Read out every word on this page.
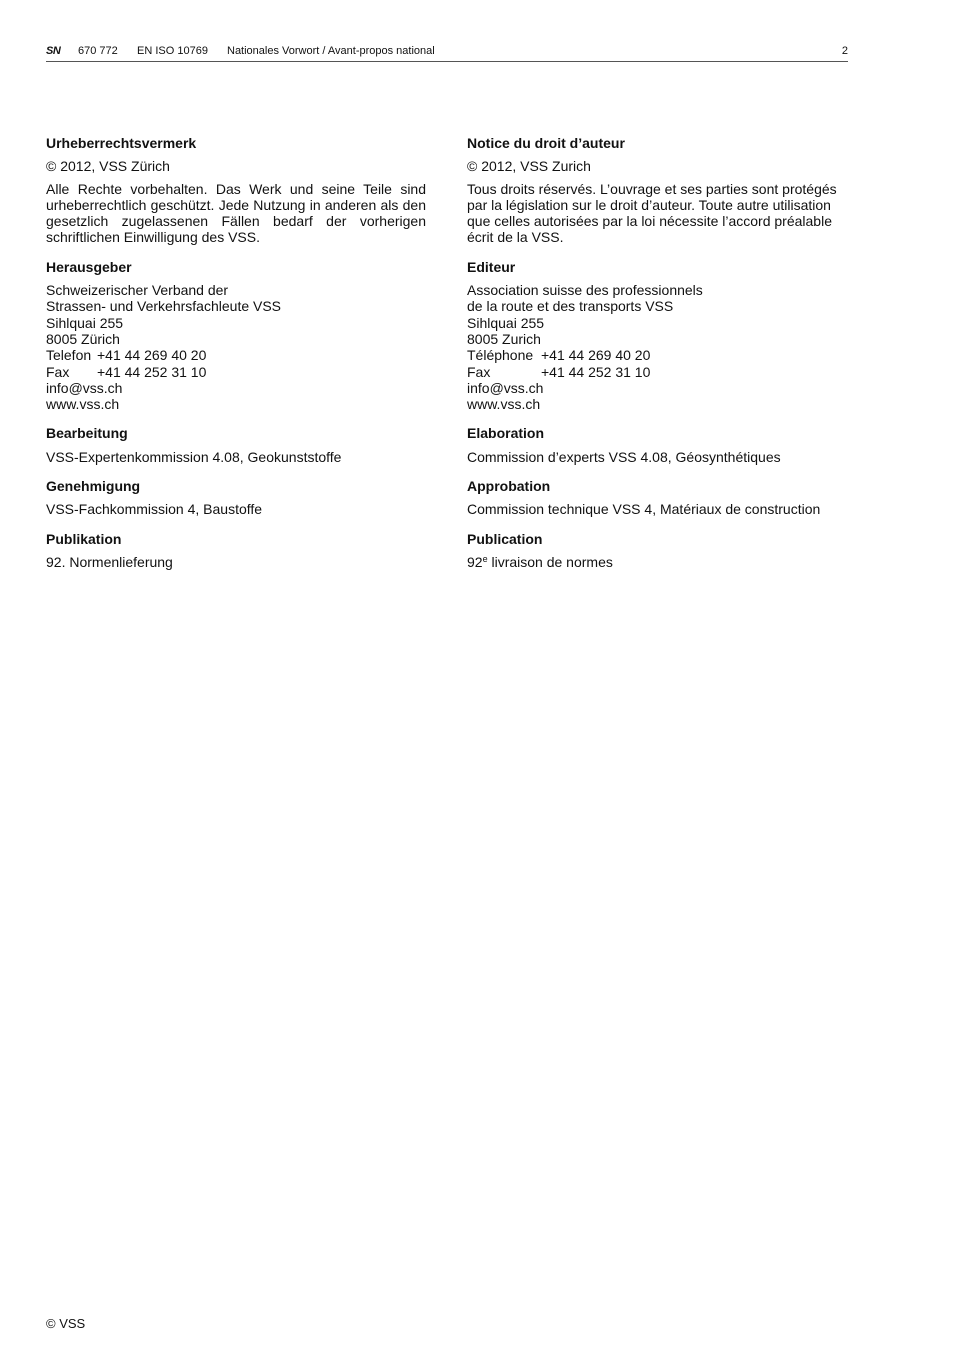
SN 670 772 EN ISO 10769 Nationales Vorwort / Avant-propos national	2
Urheberrechtsvermerk

© 2012, VSS Zürich

Alle Rechte vorbehalten. Das Werk und seine Teile sind urheberrechtlich geschützt. Jede Nutzung in anderen als den gesetzlich zugelassenen Fällen bedarf der vorherigen schriftlichen Einwilligung des VSS.

Herausgeber

Schweizerischer Verband der
Strassen- und Verkehrsfachleute VSS
Sihlquai 255
8005 Zürich
Telefon +41 44 269 40 20
Fax +41 44 252 31 10
info@vss.ch
www.vss.ch

Bearbeitung

VSS-Expertenkommission 4.08, Geokunststoffe

Genehmigung

VSS-Fachkommission 4, Baustoffe

Publikation

92. Normenlieferung

Notice du droit d’auteur

© 2012, VSS Zurich

Tous droits réservés. L’ouvrage et ses parties sont protégés par la législation sur le droit d’auteur. Toute autre utilisation que celles autorisées par la loi nécessite l’accord préalable écrit de la VSS.

Editeur

Association suisse des professionnels
de la route et des transports VSS
Sihlquai 255
8005 Zurich
Téléphone +41 44 269 40 20
Fax	+41 44 252 31 10
info@vss.ch
www.vss.ch

Elaboration

Commission d’experts VSS 4.08, Géosynthétiques

Approbation

Commission technique VSS 4, Matériaux de construction

Publication

92e livraison de normes

© VSS
